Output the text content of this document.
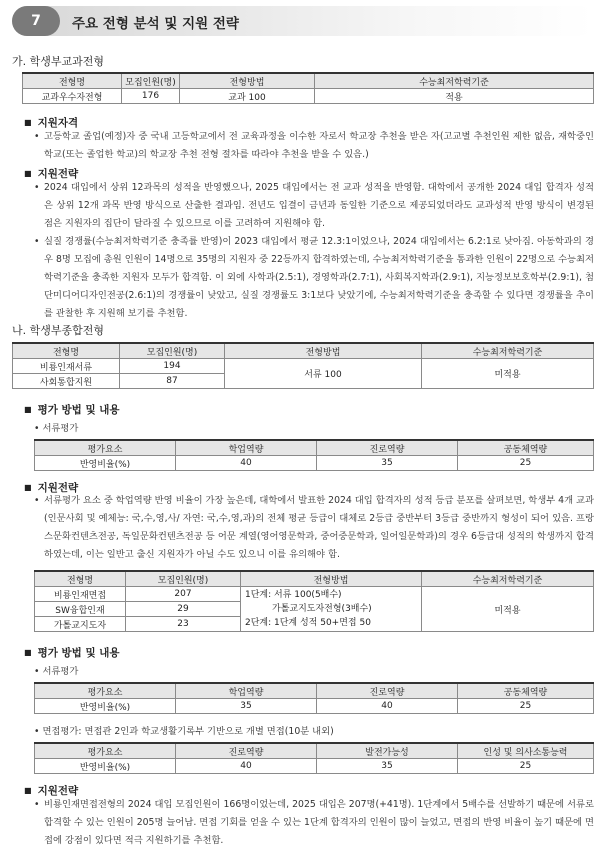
7	주요 전형 분석 및 지원 전략
가. 학생부교과전형
전형명	모집인원(명)	전형방법	수능최저학력기준
교과우수자전형	176	교과 100	적용
■ 지원자격
• 고등학교 졸업(예정)자 중 국내 고등학교에서 전 교육과정을 이수한 자로서 학교장 추천을 받은 자(고교별 추천인원 제한 없음, 재학중인 학교(또는 졸업한 학교)의 학교장 추천 전형 절차를 따라야 추천을 받을 수 있음.)
■ 지원전략
• 2024 대입에서 상위 12과목의 성적을 반영했으나, 2025 대입에서는 전 교과 성적을 반영함. 대학에서 공개한 2024 대입 합격자 성적은 상위 12개 과목 반영 방식으로 산출한 결과임. 전년도 입결이 금년과 동일한 기준으로 제공되었더라도 교과성적 반영 방식이 변경된 점은 지원자의 집단이 달라질 수 있으므로 이를 고려하여 지원해야 함.
• 실질 경쟁률(수능최저학력기준 충족률 반영)이 2023 대입에서 평균 12.3:1이었으나, 2024 대입에서는 6.2:1로 낮아짐. 아동학과의 경우 8명 모집에 총원 인원이 14명으로 35명의 지원자 중 22등까지 합격하였는데, 수능최저학력기준을 통과한 인원이 22명으로 수능최저학력기준을 충족한 지원자 모두가 합격함. 이 외에 사학과(2.5:1), 경영학과(2.7:1), 사회복지학과(2.9:1), 지능정보보호학부(2.9:1), 첨단미디어디자인전공(2.6:1)의 경쟁률이 낮았고, 실질 경쟁률도 3:1보다 낮았기에, 수능최저학력기준을 충족할 수 있다면 경쟁률을 추이를 관찰한 후 지원해 보기를 추천함.
나. 학생부종합전형
전형명	모집인원(명)	전형방법	수능최저학력기준
비룡인재서류	194	서류 100	미적용
사회통합지원	87		
■ 평가 방법 및 내용
• 서류평가
평가요소	학업역량	진로역량	공동체역량
반영비율(%)	40	35	25
■ 지원전략
• 서류평가 요소 중 학업역량 반영 비율이 가장 높은데, 대학에서 발표한 2024 대입 합격자의 성적 등급 분포를 살펴보면, 학생부 4개 교과(인문사회 및 예체능: 국,수,영,사/ 자연: 국,수,영,과)의 전체 평균 등급이 대체로 2등급 중반부터 3등급 중반까지 형성이 되어 있음. 프랑스문화컨텐츠전공, 독일문화컨텐츠전공 등 어문 계열(영어영문학과, 중어중문학과, 일어일문학과)의 경우 6등급대 성적의 학생까지 합격하였는데, 이는 일반고 출신 지원자가 아닐 수도 있으니 이를 유의해야 함.
전형명	모집인원(명)	전형방법	수능최저학력기준
비룡인재면접	207	1단계: 서류 100(5배수)
가톨교지도자전형(3배수)
2단계: 1단계 성적 50+면접 50	미적용
SW융합인재	29		
가톨교지도자	23		
■ 평가 방법 및 내용
• 서류평가
평가요소	학업역량	진로역량	공동체역량
반영비율(%)	35	40	25
• 면접평가: 면접관 2인과 학교생활기록부 기반으로 개별 면접(10분 내외)
평가요소	진로역량	발전가능성	인성 및 의사소통능력
반영비율(%)	40	35	25
■ 지원전략
• 비룡인재면접전형의 2024 대입 모집인원이 166명이었는데, 2025 대입은 207명(+41명). 1단계에서 5배수를 선발하기 때문에 서류로 합격할 수 있는 인원이 205명 늘어남. 면접 기회를 얻을 수 있는 1단계 합격자의 인원이 많이 늘었고, 면접의 반영 비율이 높기 때문에 면접에 강점이 있다면 적극 지원하기를 추천함.
